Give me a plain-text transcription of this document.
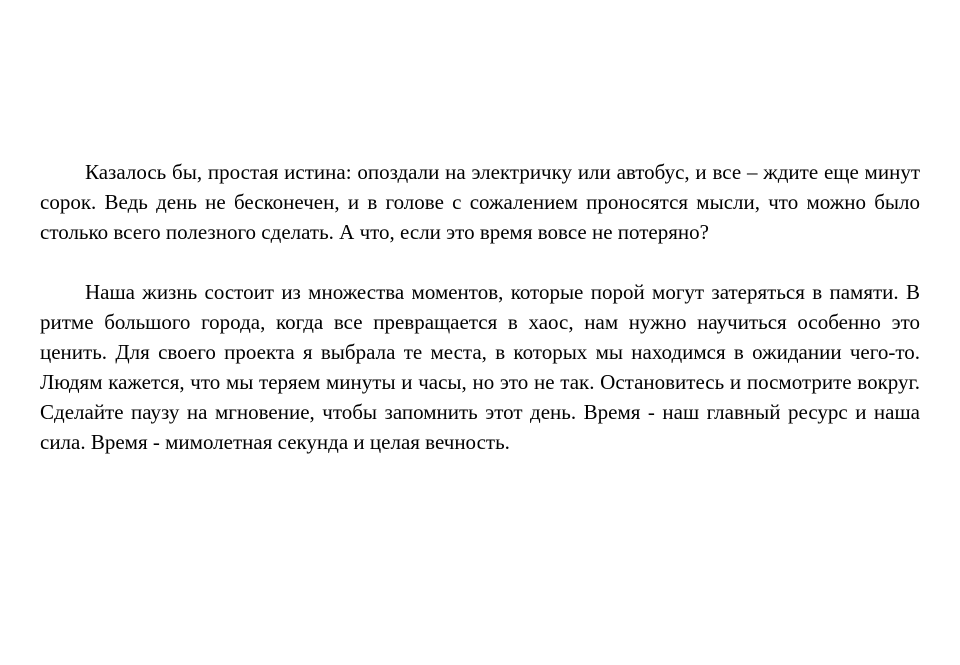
Казалось бы, простая истина: опоздали на электричку или автобус, и все – ждите еще минут сорок. Ведь день не бесконечен, и в голове с сожалением проносятся мысли, что можно было столько всего полезного сделать. А что, если это время вовсе не потеряно?

Наша жизнь состоит из множества моментов, которые порой могут затеряться в памяти. В ритме большого города, когда все превращается в хаос, нам нужно научиться особенно это ценить. Для своего проекта я выбрала те места, в которых мы находимся в ожидании чего-то. Людям кажется, что мы теряем минуты и часы, но это не так. Остановитесь и посмотрите вокруг. Сделайте паузу на мгновение, чтобы запомнить этот день. Время - наш главный ресурс и наша сила. Время - мимолетная секунда и целая вечность.
